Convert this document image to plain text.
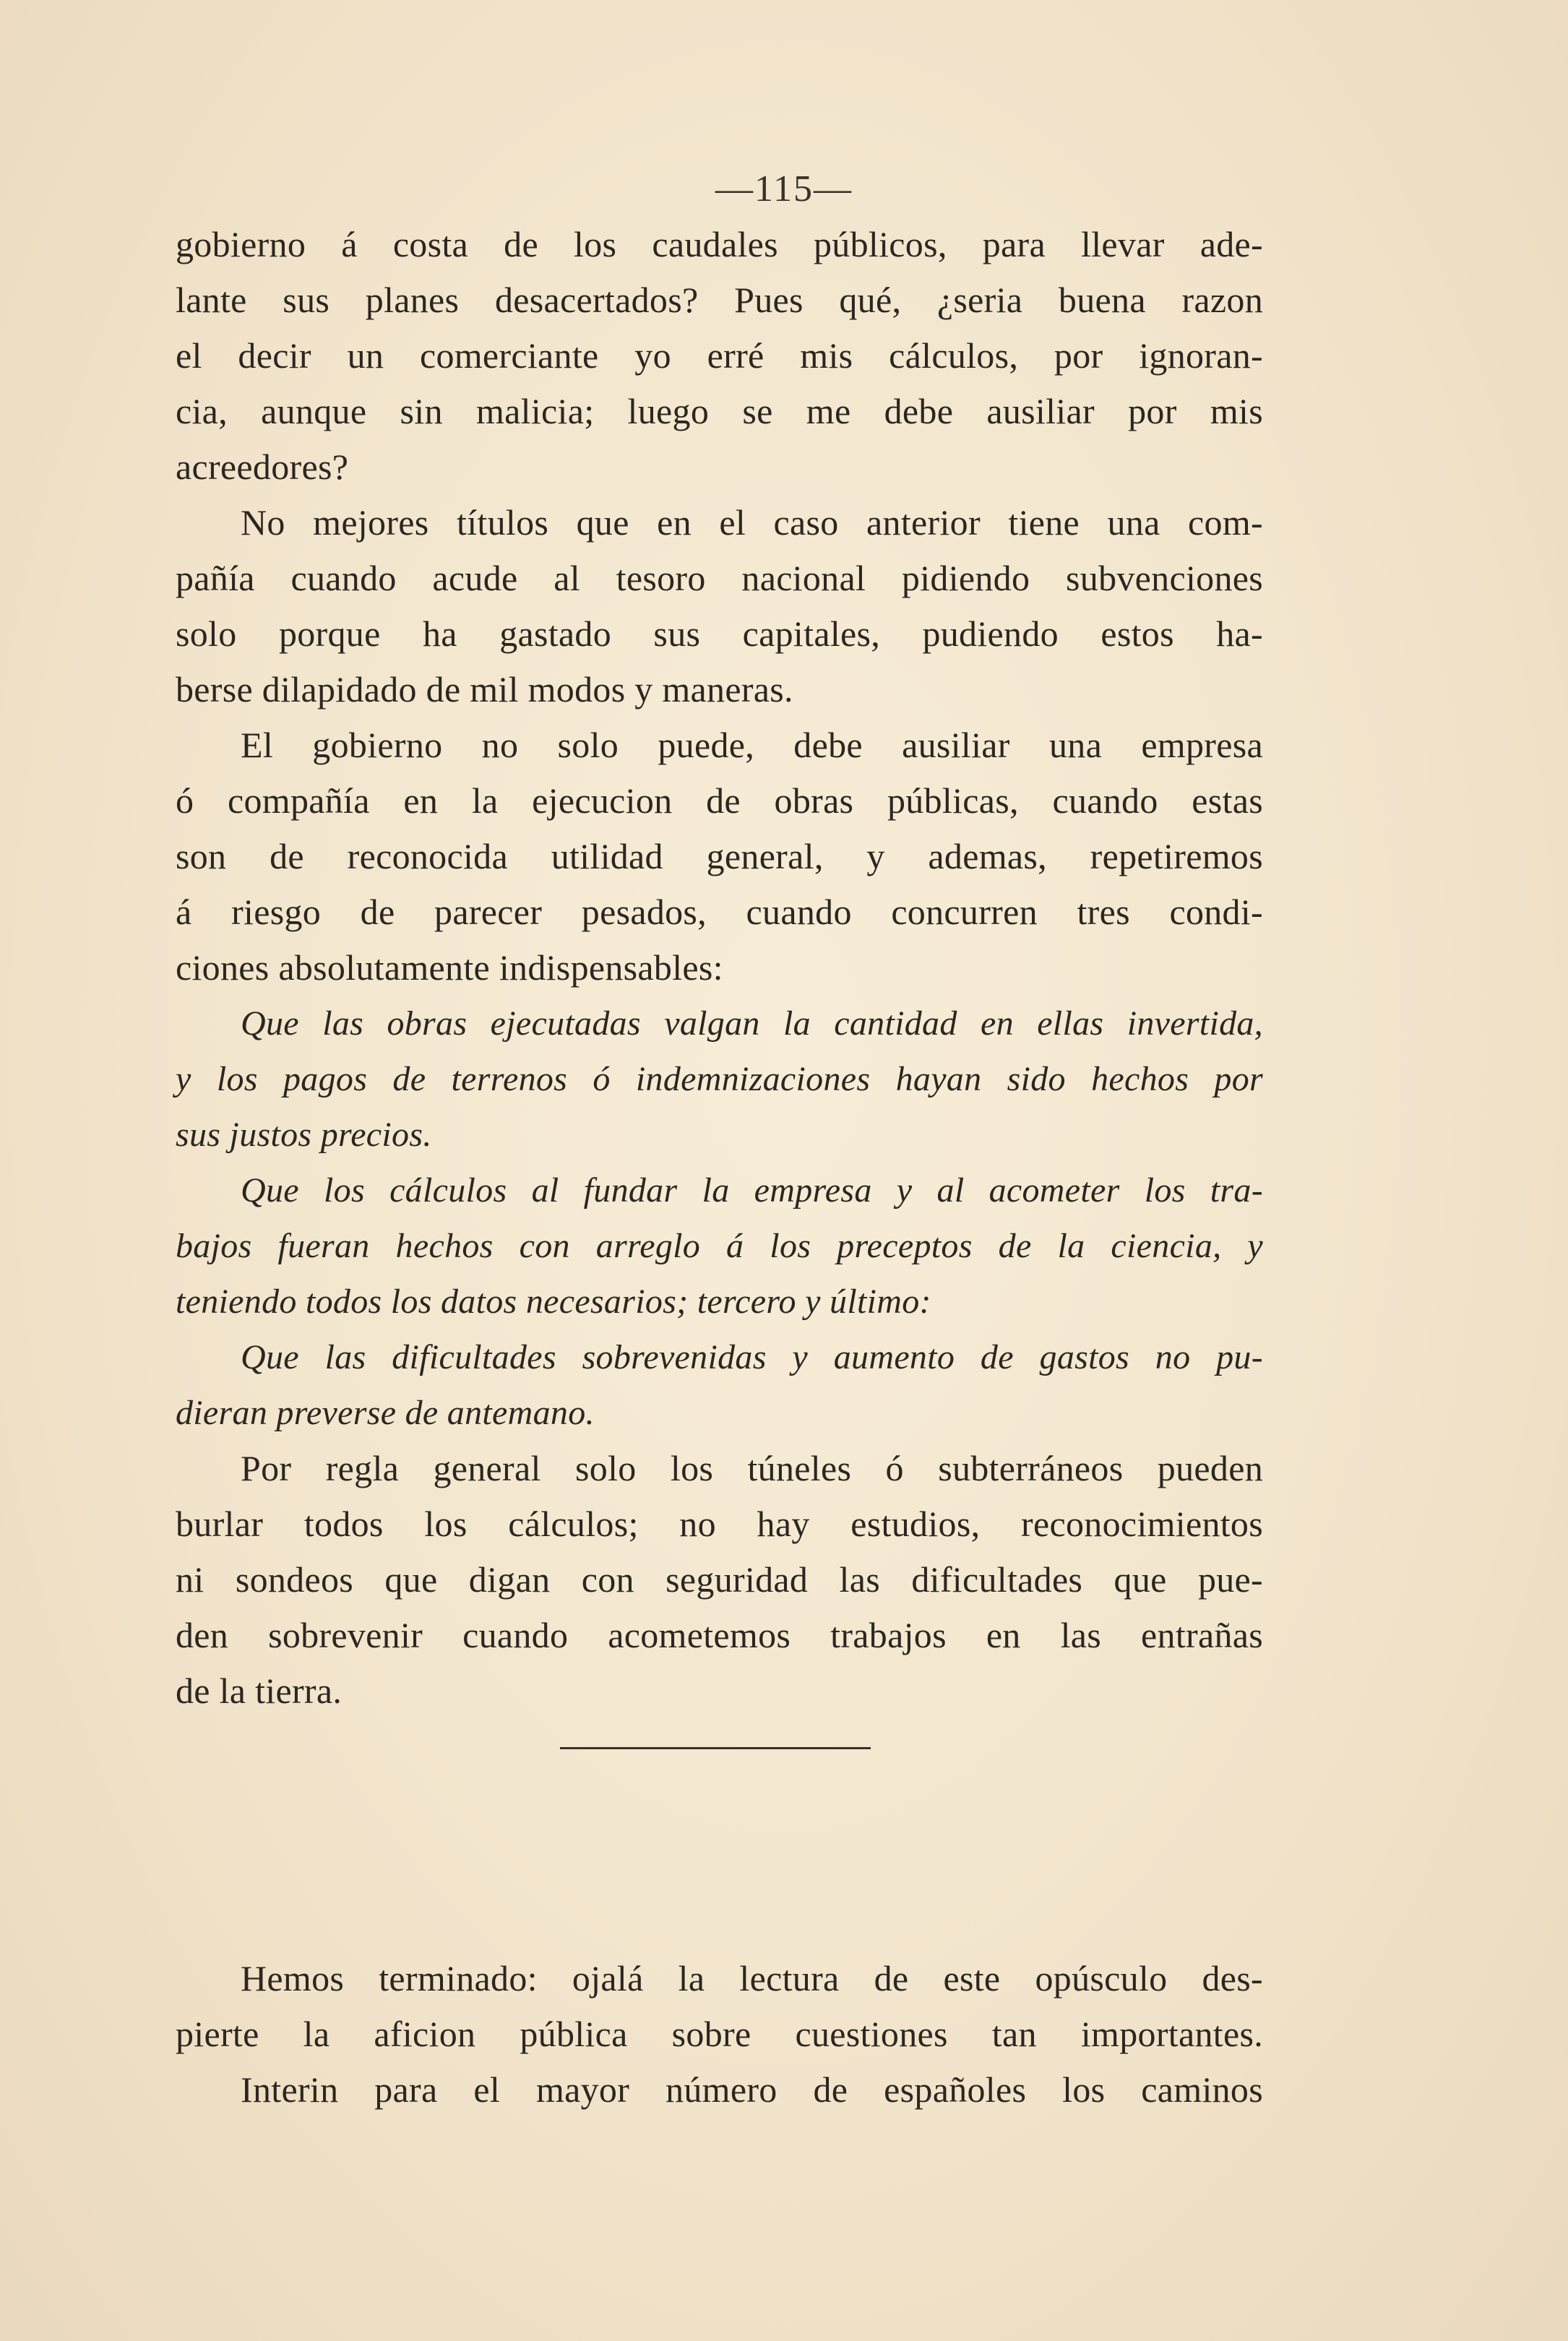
—115—

gobierno á costa de los caudales públicos, para llevar ade-
lante sus planes desacertados? Pues qué, ¿seria buena razon
el decir un comerciante yo erré mis cálculos, por ignoran-
cia, aunque sin malicia; luego se me debe ausiliar por mis

acreedores?

No mejores títulos que en el caso anterior tiene una com-

pañía cuando acude al tesoro nacional pidiendo subvenciones
solo porque ha gastado sus capitales, pudiendo estos ha-

berse dilapidado de mil modos y maneras.

El gobierno no solo puede, debe ausiliar una empresa

ó compañía en la ejecucion de obras públicas, cuando estas
son de reconocida utilidad general, y ademas, repetiremos
á riesgo de parecer pesados, cuando concurren tres condi-

ciones absolutamente indispensables:

Que las obras ejecutadas valgan la cantidad en ellas invertida,

y los pagos de terrenos ó indemnizaciones hayan sido hechos por

sus justos precios.

Que los cálculos al fundar la empresa y al acometer los tra-

bajos fueran hechos con arreglo á los preceptos de la ciencia, y

teniendo todos los datos necesarios; tercero y último:

Que las dificultades sobrevenidas y aumento de gastos no pu-

dieran preverse de antemano.

Por regla general solo los túneles ó subterráneos pueden

burlar todos los cálculos; no hay estudios, reconocimientos
ni sondeos que digan con seguridad las dificultades que pue-
den sobrevenir cuando acometemos trabajos en las entrañas

de la tierra.

Hemos terminado: ojalá la lectura de este opúsculo des-

pierte la aficion pública sobre cuestiones tan importantes.

Interin para el mayor número de españoles los caminos
